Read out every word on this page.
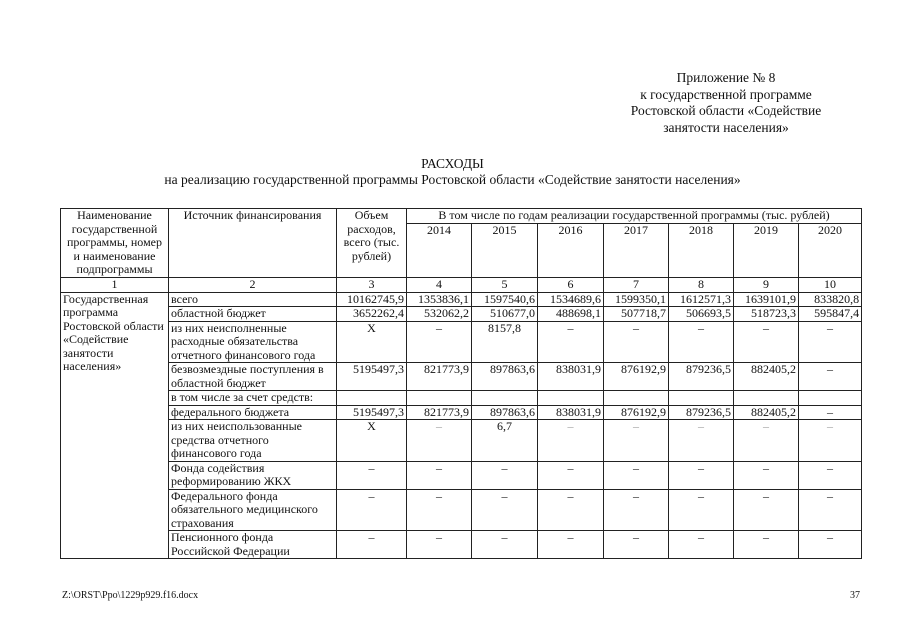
Приложение № 8
к государственной программе
Ростовской области «Содействие
занятости населения»
РАСХОДЫ
на реализацию государственной программы Ростовской области «Содействие занятости населения»
Наименование государственной программы, номер и наименование подпрограммы	Источник финансирования	Объем расходов, всего (тыс. рублей)	В том числе по годам реализации государственной программы (тыс. рублей)						
			2014	2015	2016	2017	2018	2019	2020
1	2	3	4	5	6	7	8	9	10
Государственная программа Ростовской области «Содействие занятости населения»	всего	10162745,9	1353836,1	1597540,6	1534689,6	1599350,1	1612571,3	1639101,9	833820,8
	областной бюджет	3652262,4	532062,2	510677,0	488698,1	507718,7	506693,5	518723,3	595847,4
	из них неисполненные расходные обязательства отчетного финансового года	X	–	8157,8	–	–	–	–	–
	безвозмездные поступления в областной бюджет	5195497,3	821773,9	897863,6	838031,9	876192,9	879236,5	882405,2	–
	в том числе за счет средств:								
	федерального бюджета	5195497,3	821773,9	897863,6	838031,9	876192,9	879236,5	882405,2	–
	из них неиспользованные средства отчетного финансового года	X	–	6,7	–	–	–	–	–
	Фонда содействия реформированию ЖКХ	–	–	–	–	–	–	–	–
	Федерального фонда обязательного медицинского страхования	–	–	–	–	–	–	–	–
	Пенсионного фонда Российской Федерации	–	–	–	–	–	–	–	–
Z:\ORST\Ppo\1229p929.f16.docx	37
